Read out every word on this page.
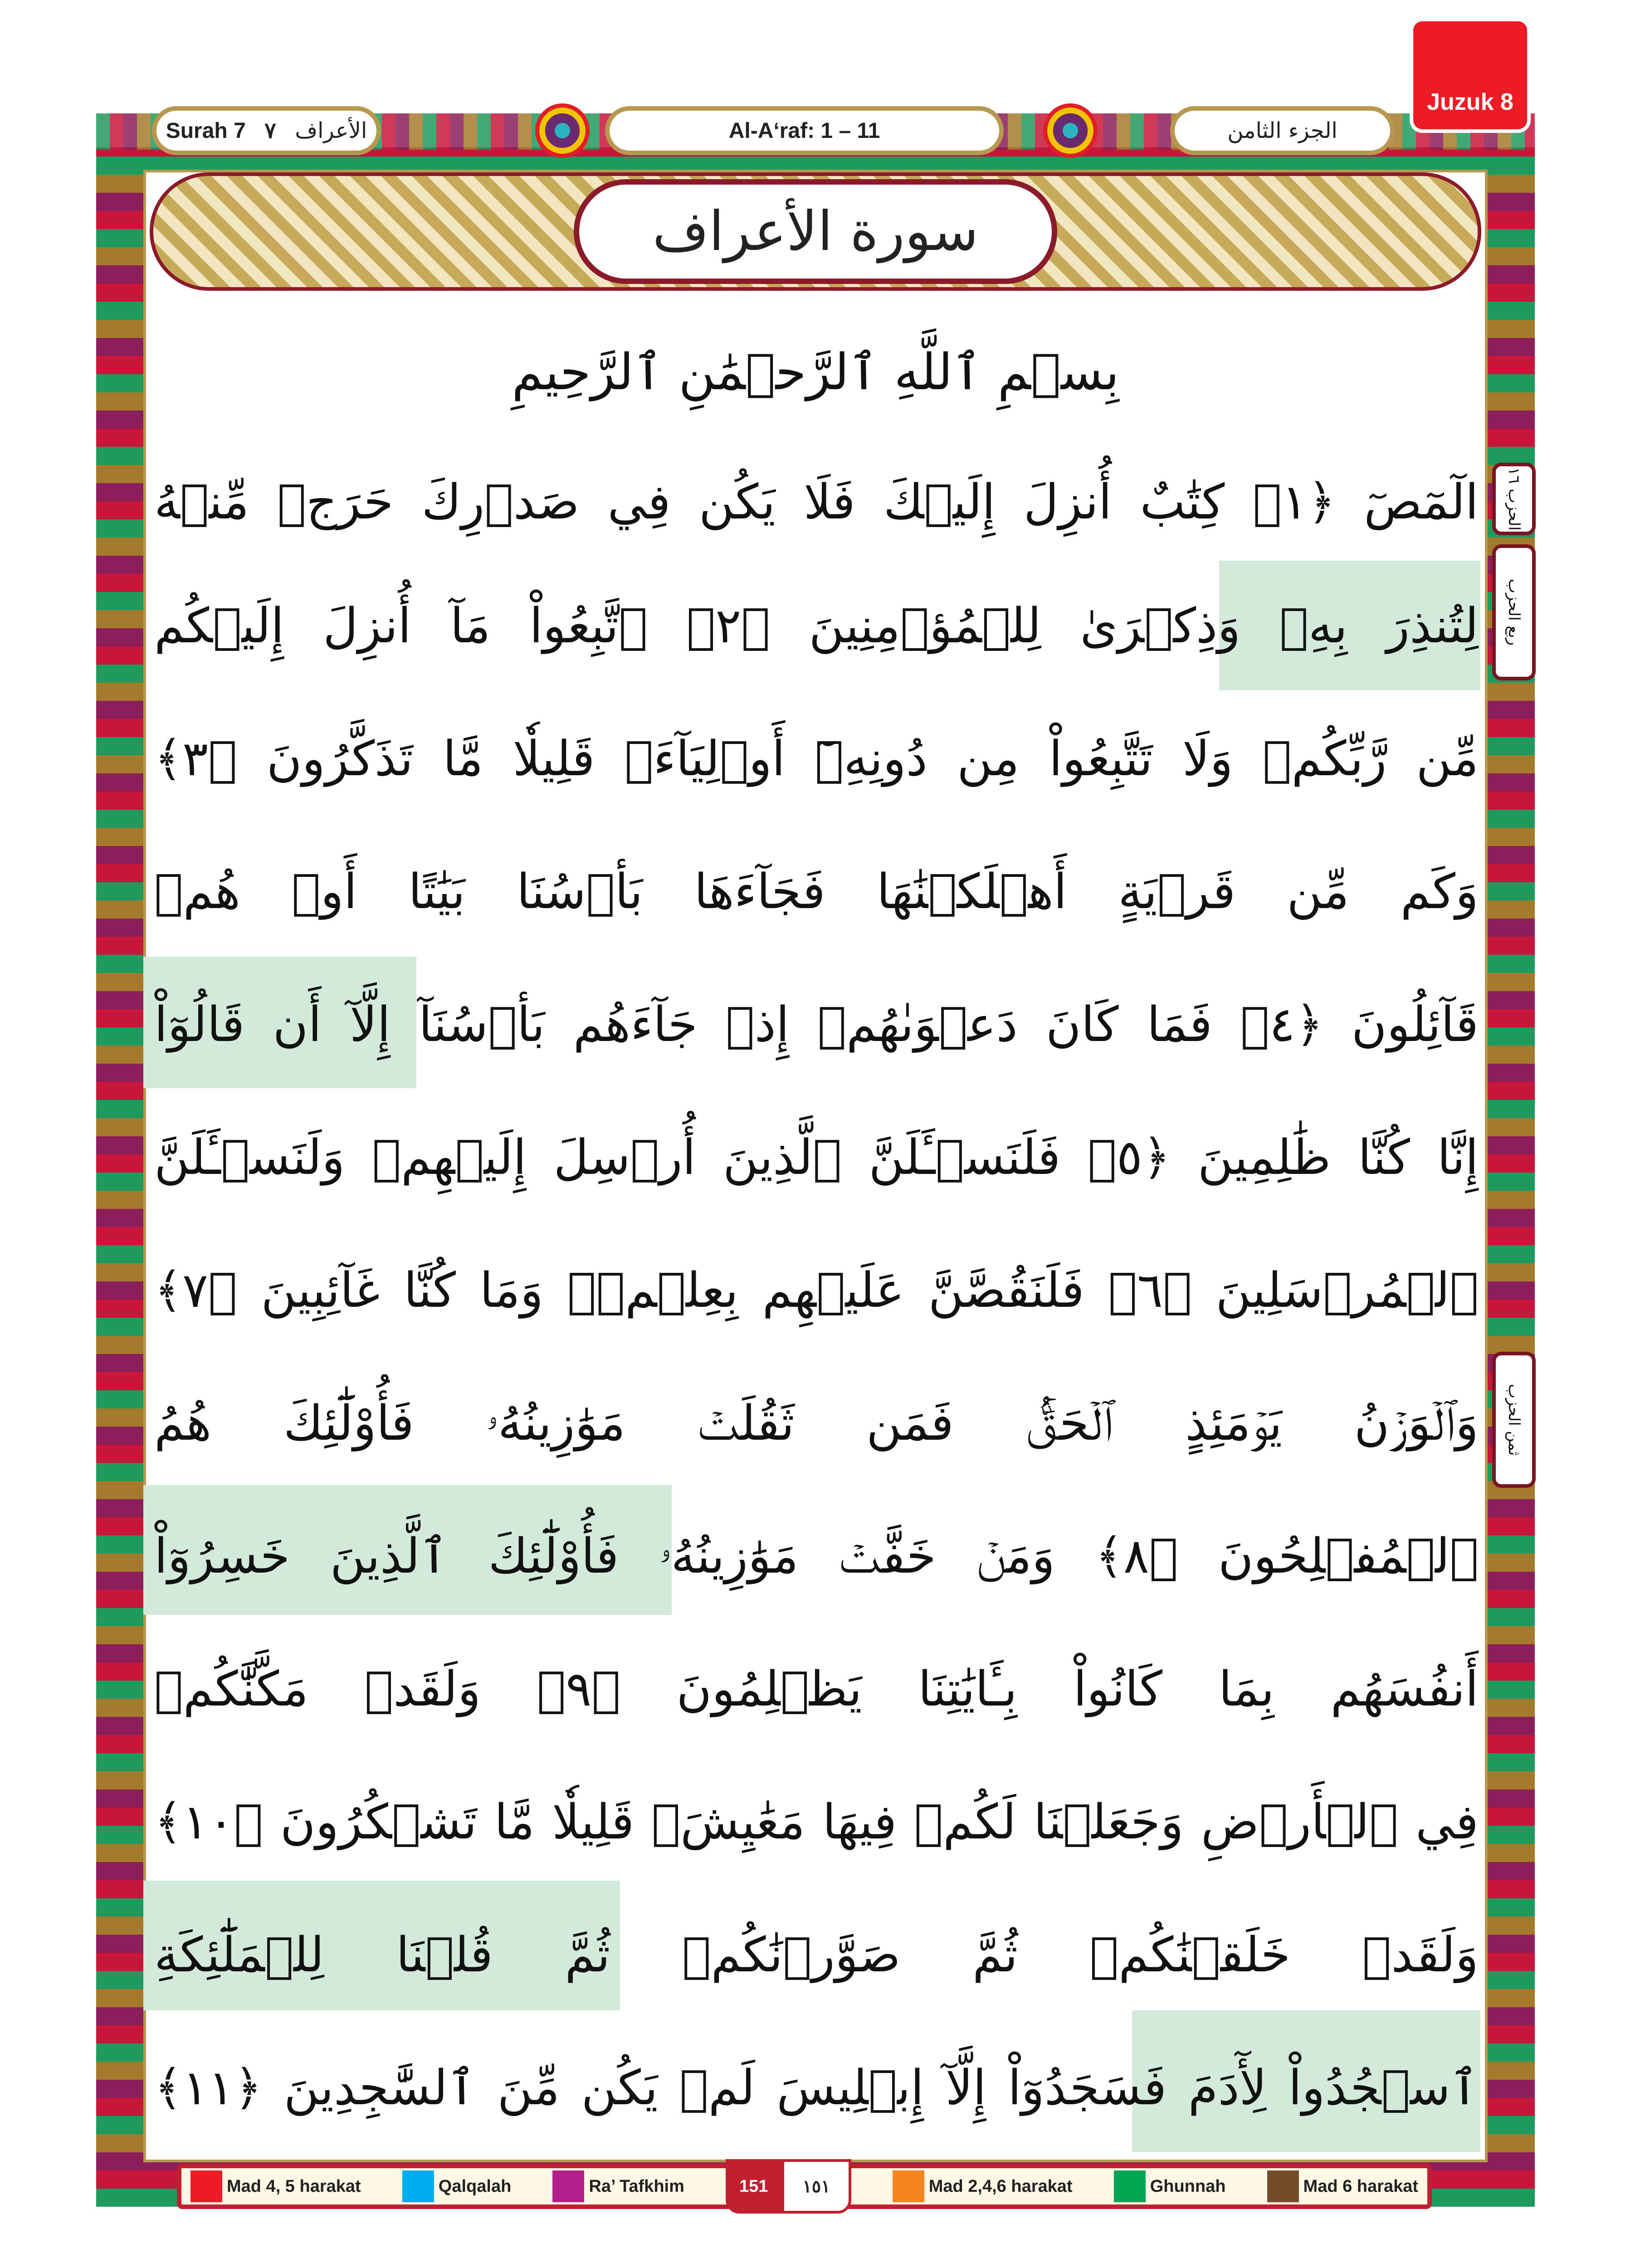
Juzuk 8
Surah 7 ٧ الأعراف	Al-A‘raf: 1 – 11	الجزء الثامن
سورة الأعراف
بِسۡمِ ٱللَّهِ ٱلرَّحۡمَٰنِ ٱلرَّحِيمِ
الٓمٓصٓ ﴿١﴾ كِتَٰبٌ أُنزِلَ إِلَيۡكَ فَلَا يَكُن فِي صَدۡرِكَ حَرَجٞ مِّنۡهُ
لِتُنذِرَ بِهِۦ وَذِكۡرَىٰ لِلۡمُؤۡمِنِينَ ﴿٢﴾ ٱتَّبِعُواْ مَآ أُنزِلَ إِلَيۡكُم
مِّن رَّبِّكُمۡ وَلَا تَتَّبِعُواْ مِن دُونِهِۦٓ أَوۡلِيَآءَۗ قَلِيلٗا مَّا تَذَكَّرُونَ ﴿٣﴾
وَكَم مِّن قَرۡيَةٍ أَهۡلَكۡنَٰهَا فَجَآءَهَا بَأۡسُنَا بَيَٰتًا أَوۡ هُمۡ
قَآئِلُونَ ﴿٤﴾ فَمَا كَانَ دَعۡوَىٰهُمۡ إِذۡ جَآءَهُم بَأۡسُنَآ إِلَّآ أَن قَالُوٓاْ
إِنَّا كُنَّا ظَٰلِمِينَ ﴿٥﴾ فَلَنَسۡـَٔلَنَّ ٱلَّذِينَ أُرۡسِلَ إِلَيۡهِمۡ وَلَنَسۡـَٔلَنَّ
ٱلۡمُرۡسَلِينَ ﴿٦﴾ فَلَنَقُصَّنَّ عَلَيۡهِم بِعِلۡمٖۖ وَمَا كُنَّا غَآئِبِينَ ﴿٧﴾
وَٱلۡوَزۡنُ يَوۡمَئِذٍ ٱلۡحَقُّۚ فَمَن ثَقُلَتۡ مَوَٰزِينُهُۥ فَأُوْلَٰٓئِكَ هُمُ
ٱلۡمُفۡلِحُونَ ﴿٨﴾ وَمَنۡ خَفَّتۡ مَوَٰزِينُهُۥ فَأُوْلَٰٓئِكَ ٱلَّذِينَ خَسِرُوٓاْ
أَنفُسَهُم بِمَا كَانُواْ بِـَٔايَٰتِنَا يَظۡلِمُونَ ﴿٩﴾ وَلَقَدۡ مَكَّنَّٰكُمۡ
فِي ٱلۡأَرۡضِ وَجَعَلۡنَا لَكُمۡ فِيهَا مَعَٰيِشَۗ قَلِيلٗا مَّا تَشۡكُرُونَ ﴿١٠﴾
وَلَقَدۡ خَلَقۡنَٰكُمۡ ثُمَّ صَوَّرۡنَٰكُمۡ ثُمَّ قُلۡنَا لِلۡمَلَٰٓئِكَةِ
ٱسۡجُدُواْ لِأٓدَمَ فَسَجَدُوٓاْ إِلَّآ إِبۡلِيسَ لَمۡ يَكُن مِّنَ ٱلسَّٰجِدِينَ ﴿١١﴾
الحزب ١٦
ربع الحزب
ثمن الحزب
Mad 4, 5 harakat	Qalqalah	Ra’ Tafkhim	151	١٥١	Mad 2,4,6 harakat	Ghunnah	Mad 6 harakat
